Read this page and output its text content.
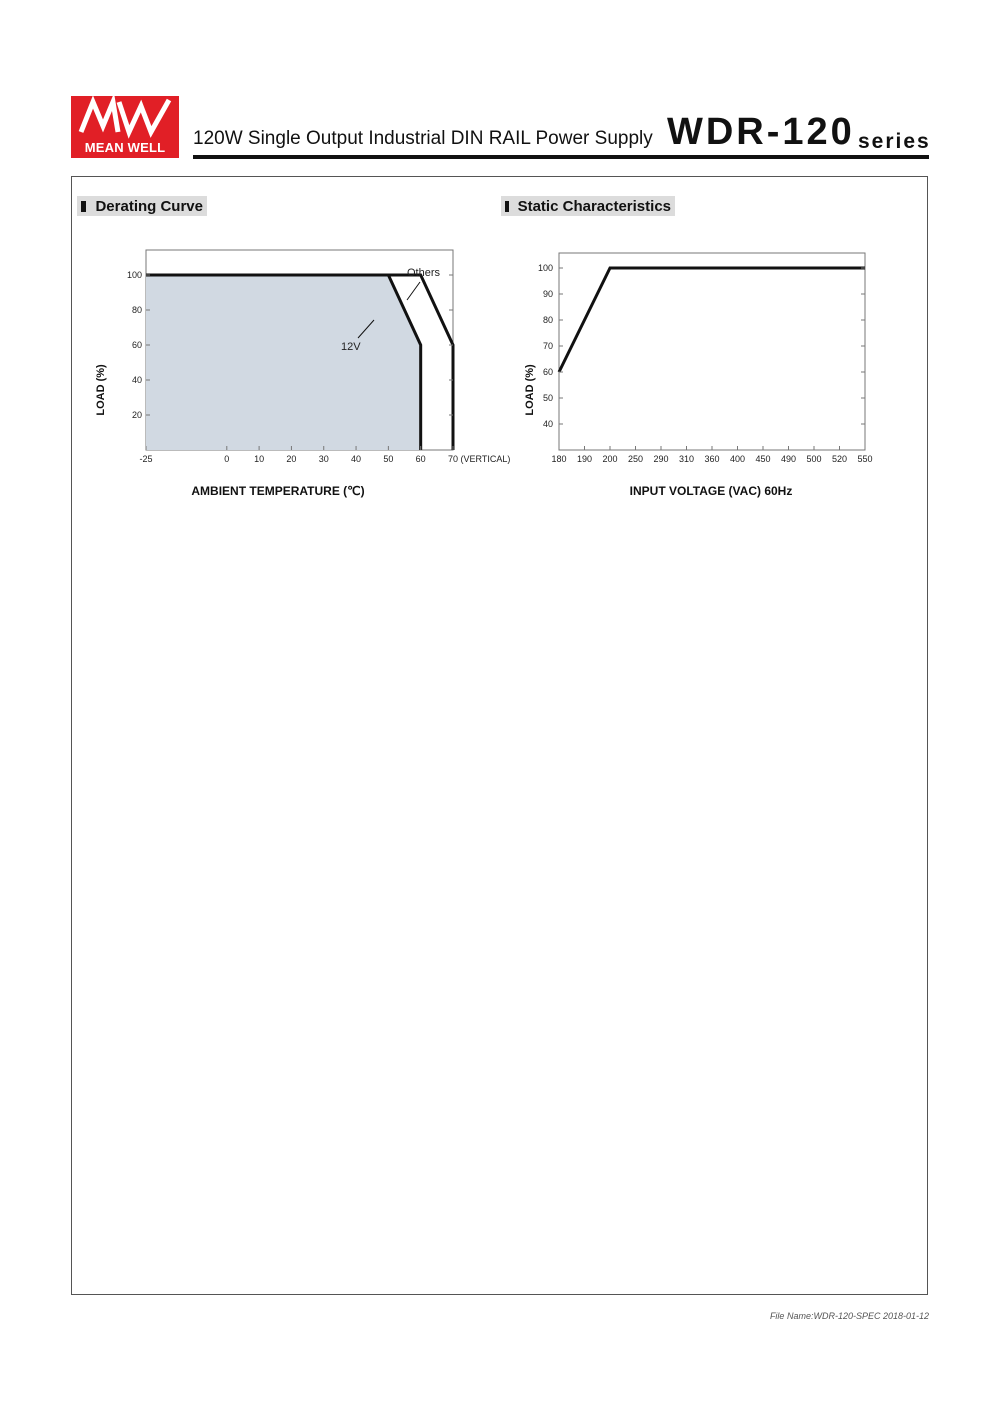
MEAN WELL	120W Single Output Industrial DIN RAIL Power Supply WDR-120 series
Derating Curve	Static Characteristics
20
40
60
80
100
-25	0	10 20 30 40 50 60 70 (VERTICAL)
Others
12V
AMBIENT TEMPERATURE (℃)
LOAD (%)
40
50
60
70
80
90
100
180 190 200 250 290 310 360 400 450 490 500 520 550
INPUT VOLTAGE (VAC) 60Hz
LOAD (%)
File Name:WDR-120-SPEC 2018-01-12
